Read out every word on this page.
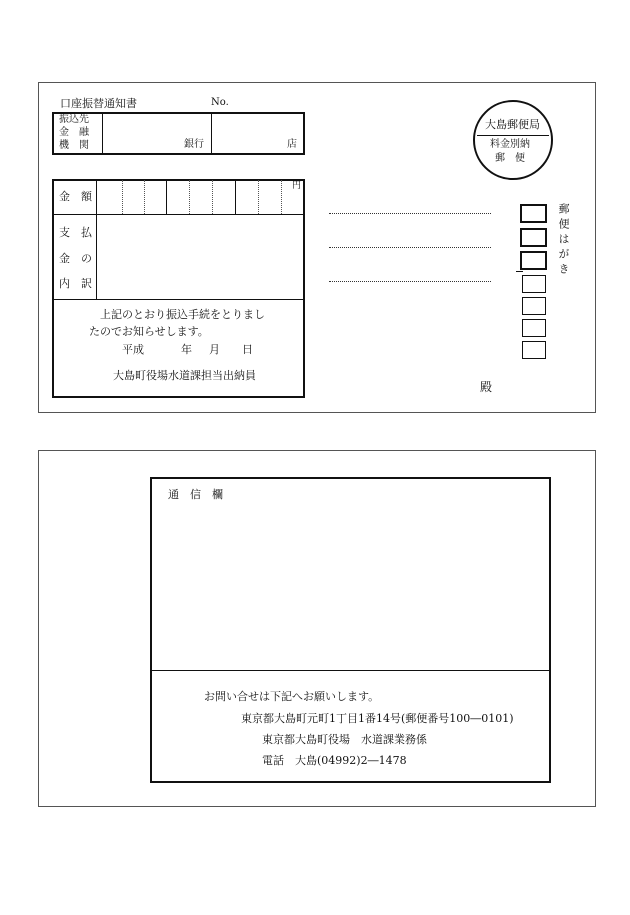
口座振替通知書	No.
振込先
金　融
機　関	銀行	店
金　額
円
支　払
金　の
内　訳
上記のとおり振込手続をとりまし
たのでお知らせします。
平成	年 月 日
大島町役場水道課担当出納員
大島郵便局
料金別納
郵　便
郵便はがき
殿
通　信　欄
お問い合せは下記へお願いします。
東京都大島町元町1丁目1番14号(郵便番号100―0101)
東京都大島町役場　水道課業務係
電話　大島(04992)2―1478
